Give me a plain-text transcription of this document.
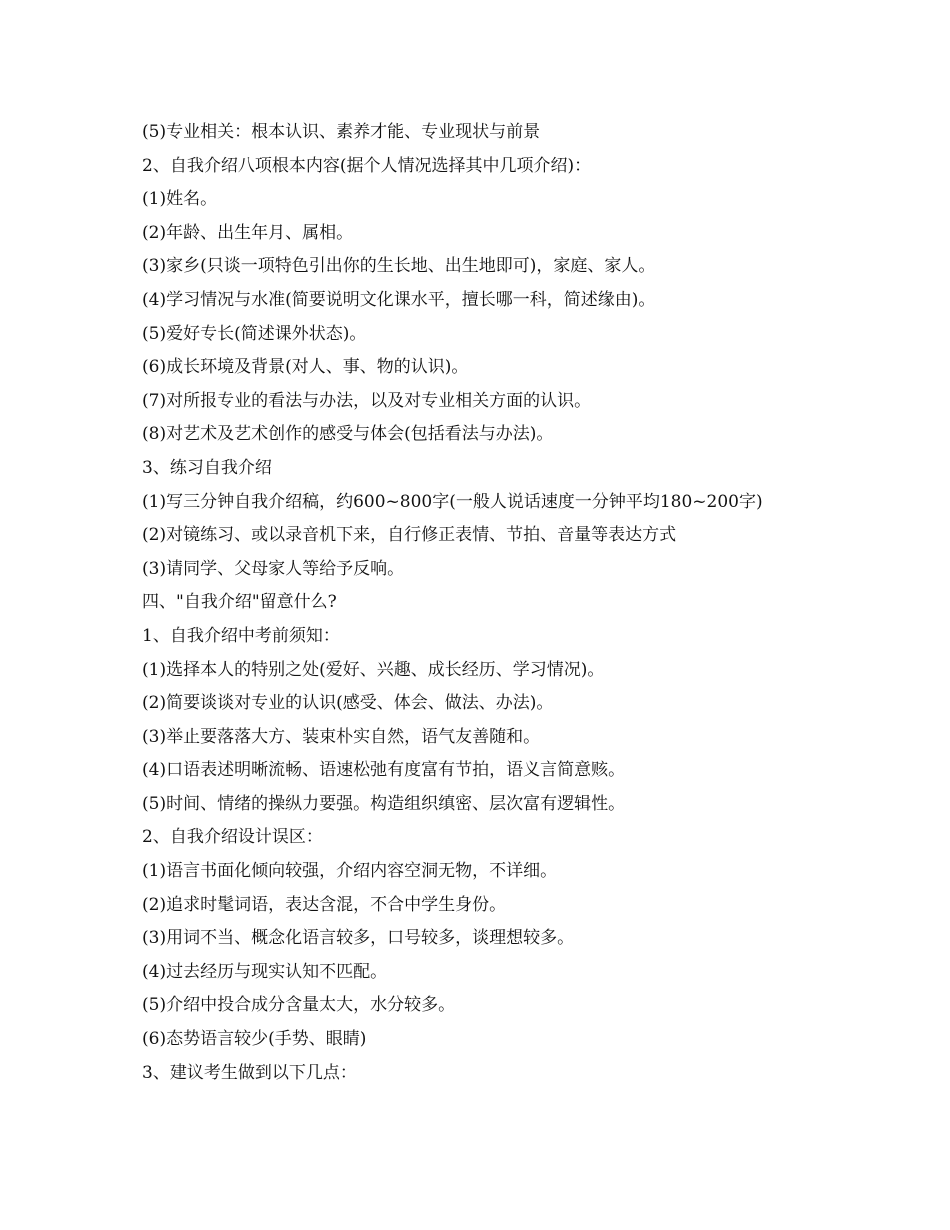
(5)专业相关：根本认识、素养才能、专业现状与前景
2、自我介绍八项根本内容(据个人情况选择其中几项介绍)：
(1)姓名。
(2)年龄、出生年月、属相。
(3)家乡(只谈一项特色引出你的生长地、出生地即可)，家庭、家人。
(4)学习情况与水准(简要说明文化课水平，擅长哪一科，简述缘由)。
(5)爱好专长(简述课外状态)。
(6)成长环境及背景(对人、事、物的认识)。
(7)对所报专业的看法与办法，以及对专业相关方面的认识。
(8)对艺术及艺术创作的感受与体会(包括看法与办法)。
3、练习自我介绍
(1)写三分钟自我介绍稿，约600~800字(一般人说话速度一分钟平均180~200字)
(2)对镜练习、或以录音机下来，自行修正表情、节拍、音量等表达方式
(3)请同学、父母家人等给予反响。
四、"自我介绍"留意什么?
1、自我介绍中考前须知：
(1)选择本人的特别之处(爱好、兴趣、成长经历、学习情况)。
(2)简要谈谈对专业的认识(感受、体会、做法、办法)。
(3)举止要落落大方、装束朴实自然，语气友善随和。
(4)口语表述明晰流畅、语速松弛有度富有节拍，语义言简意赅。
(5)时间、情绪的操纵力要强。构造组织缜密、层次富有逻辑性。
2、自我介绍设计误区：
(1)语言书面化倾向较强，介绍内容空洞无物，不详细。
(2)追求时髦词语，表达含混，不合中学生身份。
(3)用词不当、概念化语言较多，口号较多，谈理想较多。
(4)过去经历与现实认知不匹配。
(5)介绍中投合成分含量太大，水分较多。
(6)态势语言较少(手势、眼睛)
3、建议考生做到以下几点：
